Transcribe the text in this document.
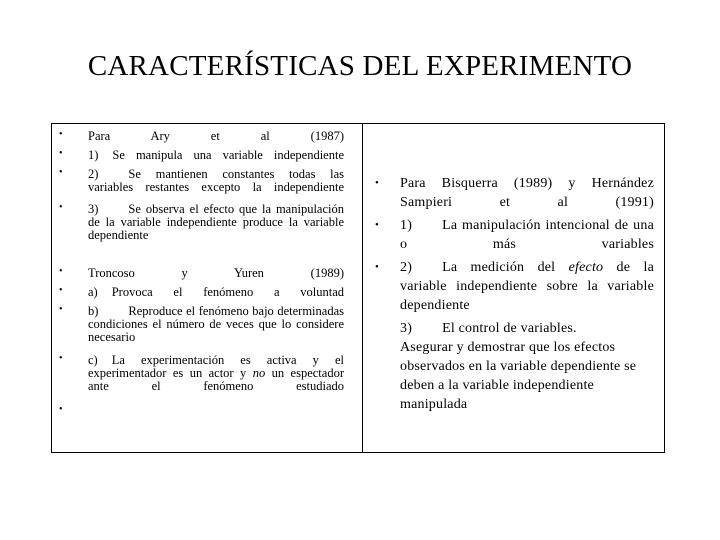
CARACTERÍSTICAS DEL EXPERIMENTO
•
•
•
•
•
•
•
•
•
Para Ary et al (1987)
1) Se manipula una variable independiente
2) Se mantienen constantes todas las variables restantes excepto la independiente
3) Se observa el efecto que la manipulación de la variable independiente produce la variable dependiente
Troncoso y Yuren (1989)
a) Provoca el fenómeno a voluntad
b) Reproduce el fenómeno bajo determinadas condiciones el número de veces que lo considere necesario
c) La experimentación es activa y el experimentador es un actor y no un espectador ante el fenómeno estudiado
•
•
•
Para Bisquerra (1989) y Hernández Sampieri et al (1991)
1) La manipulación intencional de una o más variables
2) La medición del efecto de la variable independiente sobre la variable dependiente
3) El control de variables.
Asegurar y demostrar que los efectos observados en la variable dependiente se deben a la variable independiente manipulada
